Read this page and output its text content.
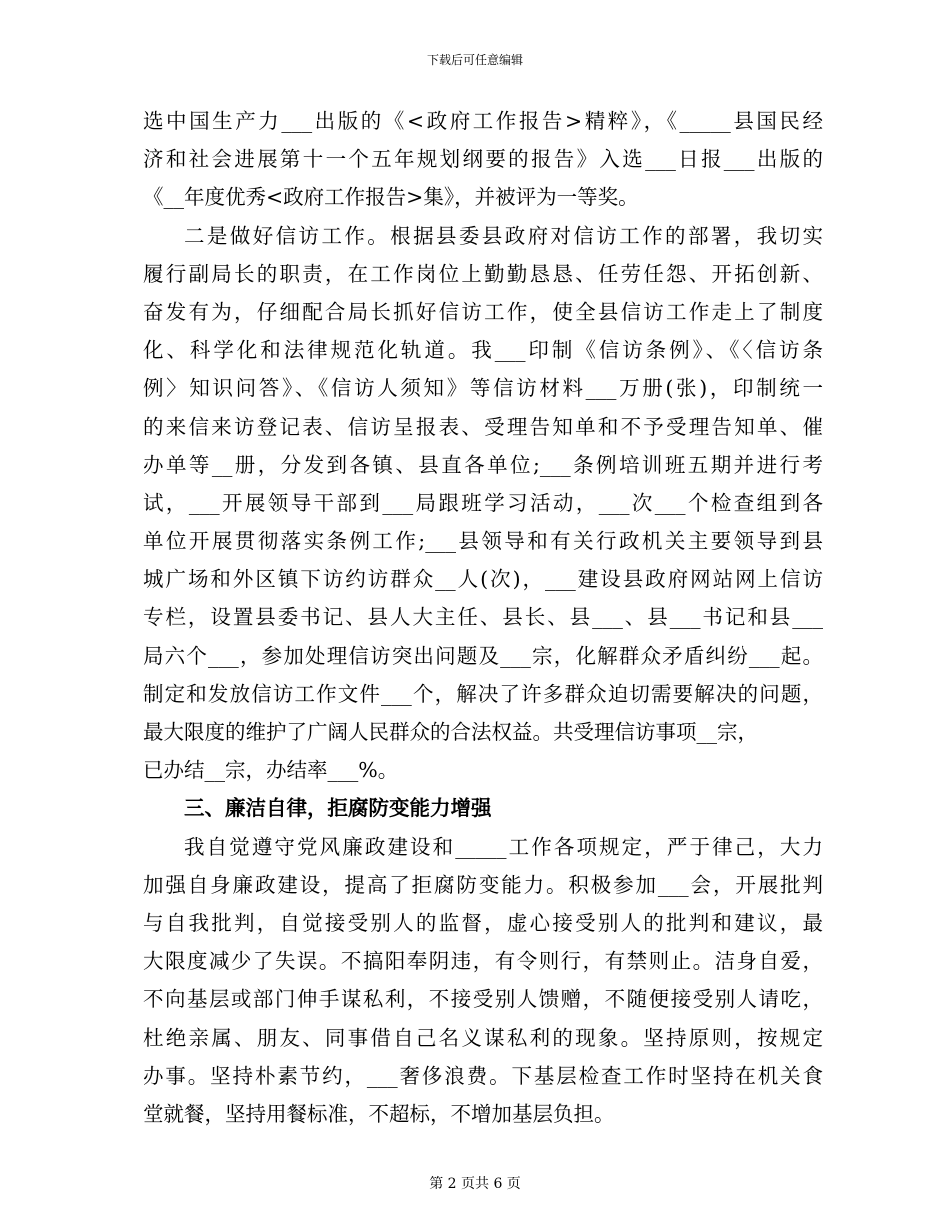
下载后可任意编辑
选中国生产力___出版的《<政府工作报告>精粹》，《_____县国民经
济和社会进展第十一个五年规划纲要的报告》入选___日报___出版的
《__年度优秀<政府工作报告>集》，并被评为一等奖。
二是做好信访工作。根据县委县政府对信访工作的部署，我切实
履行副局长的职责，在工作岗位上勤勤恳恳、任劳任怨、开拓创新、
奋发有为，仔细配合局长抓好信访工作，使全县信访工作走上了制度
化、科学化和法律规范化轨道。我___印制《信访条例》、《〈信访条
例〉知识问答》、《信访人须知》等信访材料___万册(张)，印制统一
的来信来访登记表、信访呈报表、受理告知单和不予受理告知单、催
办单等__册，分发到各镇、县直各单位;___条例培训班五期并进行考
试，___开展领导干部到___局跟班学习活动，___次___个检查组到各
单位开展贯彻落实条例工作;___县领导和有关行政机关主要领导到县
城广场和外区镇下访约访群众__人(次)，___建设县政府网站网上信访
专栏，设置县委书记、县人大主任、县长、县___、县___书记和县___
局六个___，参加处理信访突出问题及___宗，化解群众矛盾纠纷___起。
制定和发放信访工作文件___个，解决了许多群众迫切需要解决的问题，
最大限度的维护了广阔人民群众的合法权益。共受理信访事项__宗，
已办结__宗，办结率___%。
三、廉洁自律，拒腐防变能力增强
我自觉遵守党风廉政建设和_____工作各项规定，严于律己，大力
加强自身廉政建设，提高了拒腐防变能力。积极参加___会，开展批判
与自我批判，自觉接受别人的监督，虚心接受别人的批判和建议，最
大限度减少了失误。不搞阳奉阴违，有令则行，有禁则止。洁身自爱，
不向基层或部门伸手谋私利，不接受别人馈赠，不随便接受别人请吃，
杜绝亲属、朋友、同事借自己名义谋私利的现象。坚持原则，按规定
办事。坚持朴素节约，___奢侈浪费。下基层检查工作时坚持在机关食
堂就餐，坚持用餐标准，不超标，不增加基层负担。
第 2 页共 6 页
